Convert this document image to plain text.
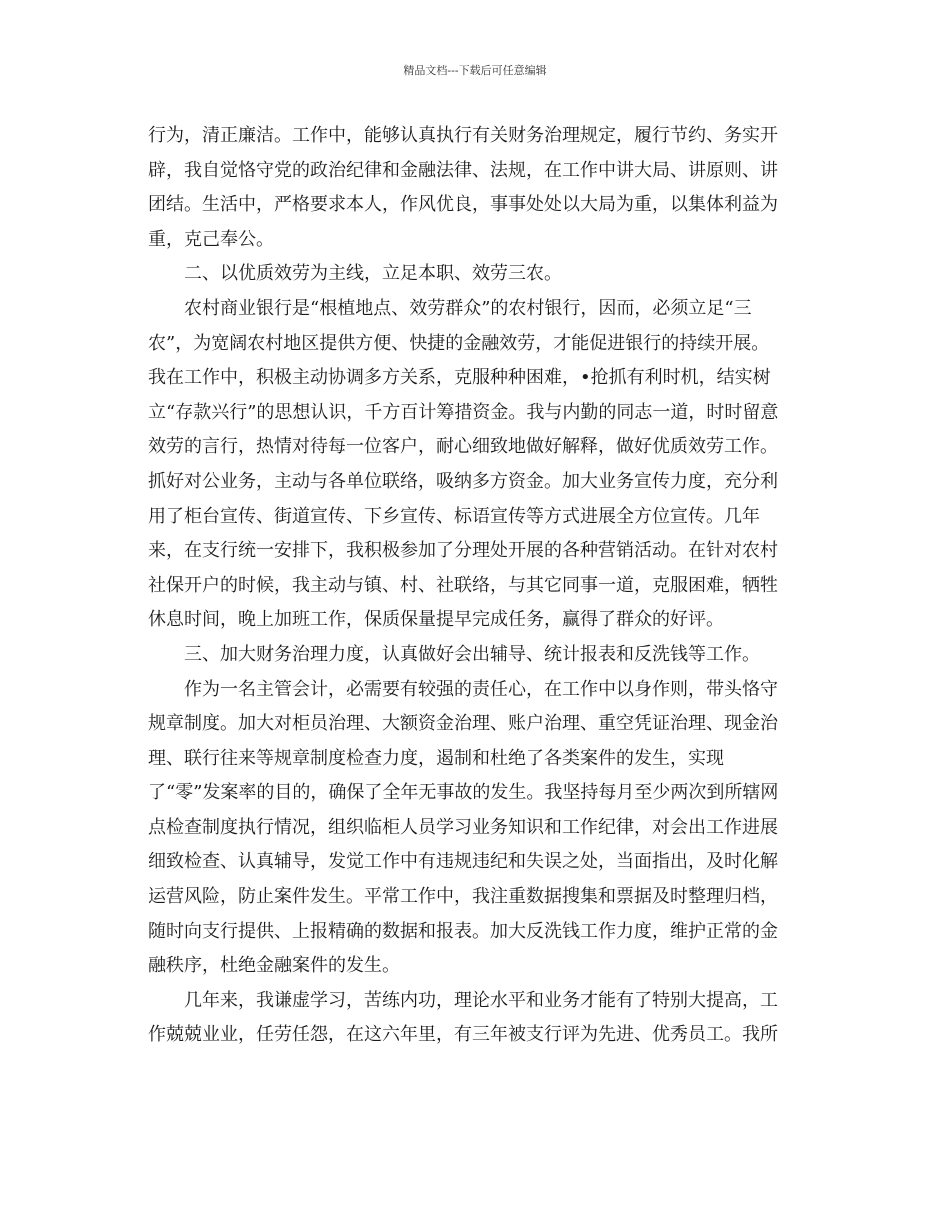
精品文档---下载后可任意编辑
行为，清正廉洁。工作中，能够认真执行有关财务治理规定，履行节约、务实开
辟，我自觉恪守党的政治纪律和金融法律、法规，在工作中讲大局、讲原则、讲
团结。生活中，严格要求本人，作风优良，事事处处以大局为重，以集体利益为
重，克己奉公。
二、以优质效劳为主线，立足本职、效劳三农。
农村商业银行是“根植地点、效劳群众”的农村银行，因而，必须立足“三
农”，为宽阔农村地区提供方便、快捷的金融效劳，才能促进银行的持续开展。
我在工作中，积极主动协调多方关系，克服种种困难，•抢抓有利时机，结实树
立“存款兴行”的思想认识，千方百计筹措资金。我与内勤的同志一道，时时留意
效劳的言行，热情对待每一位客户，耐心细致地做好解释，做好优质效劳工作。
抓好对公业务，主动与各单位联络，吸纳多方资金。加大业务宣传力度，充分利
用了柜台宣传、街道宣传、下乡宣传、标语宣传等方式进展全方位宣传。几年
来，在支行统一安排下，我积极参加了分理处开展的各种营销活动。在针对农村
社保开户的时候，我主动与镇、村、社联络，与其它同事一道，克服困难，牺牲
休息时间，晚上加班工作，保质保量提早完成任务，赢得了群众的好评。
三、加大财务治理力度，认真做好会出辅导、统计报表和反洗钱等工作。
作为一名主管会计，必需要有较强的责任心，在工作中以身作则，带头恪守
规章制度。加大对柜员治理、大额资金治理、账户治理、重空凭证治理、现金治
理、联行往来等规章制度检查力度，遏制和杜绝了各类案件的发生，实现
了“零”发案率的目的，确保了全年无事故的发生。我坚持每月至少两次到所辖网
点检查制度执行情况，组织临柜人员学习业务知识和工作纪律，对会出工作进展
细致检查、认真辅导，发觉工作中有违规违纪和失误之处，当面指出，及时化解
运营风险，防止案件发生。平常工作中，我注重数据搜集和票据及时整理归档，
随时向支行提供、上报精确的数据和报表。加大反洗钱工作力度，维护正常的金
融秩序，杜绝金融案件的发生。
几年来，我谦虚学习，苦练内功，理论水平和业务才能有了特别大提高，工
作兢兢业业，任劳任怨，在这六年里，有三年被支行评为先进、优秀员工。我所
